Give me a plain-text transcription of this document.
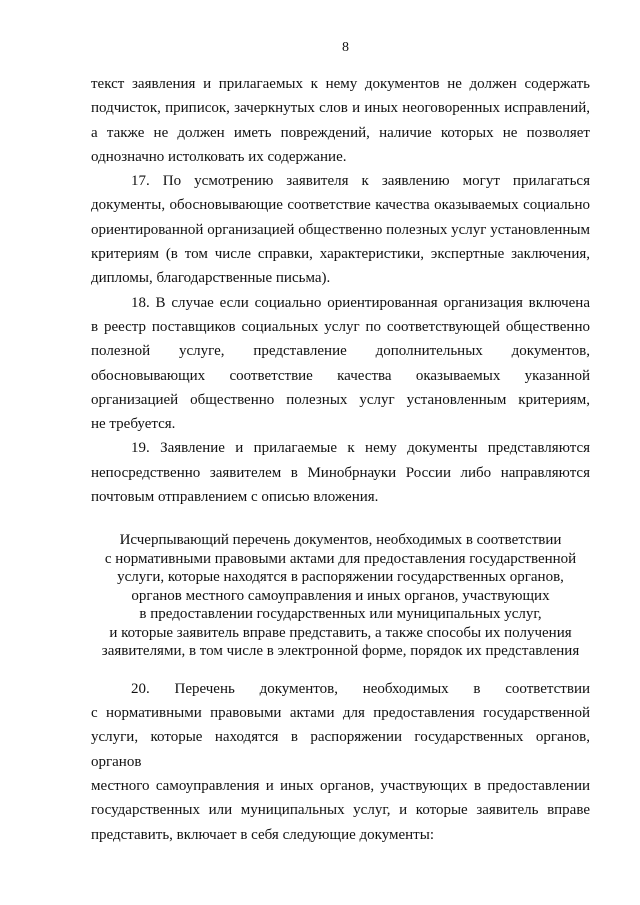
8

текст заявления и прилагаемых к нему документов не должен содержать
подчисток, приписок, зачеркнутых слов и иных неоговоренных исправлений,
а также не должен иметь повреждений, наличие которых не позволяет
однозначно истолковать их содержание.

17. По усмотрению заявителя к заявлению могут прилагаться
документы, обосновывающие соответствие качества оказываемых социально
ориентированной организацией общественно полезных услуг установленным
критериям (в том числе справки, характеристики, экспертные заключения,
дипломы, благодарственные письма).

18. В случае если социально ориентированная организация включена
в реестр поставщиков социальных услуг по соответствующей общественно
полезной услуге, представление дополнительных документов,
обосновывающих соответствие качества оказываемых указанной
организацией общественно полезных услуг установленным критериям,
не требуется.

19. Заявление и прилагаемые к нему документы представляются
непосредственно заявителем в Минобрнауки России либо направляются
почтовым отправлением с описью вложения.

Исчерпывающий перечень документов, необходимых в соответствии
с нормативными правовыми актами для предоставления государственной
услуги, которые находятся в распоряжении государственных органов,
органов местного самоуправления и иных органов, участвующих
в предоставлении государственных или муниципальных услуг,
и которые заявитель вправе представить, а также способы их получения
заявителями, в том числе в электронной форме, порядок их представления

20. Перечень документов, необходимых в соответствии
с нормативными правовыми актами для предоставления государственной
услуги, которые находятся в распоряжении государственных органов, органов
местного самоуправления и иных органов, участвующих в предоставлении
государственных или муниципальных услуг, и которые заявитель вправе
представить, включает в себя следующие документы:
